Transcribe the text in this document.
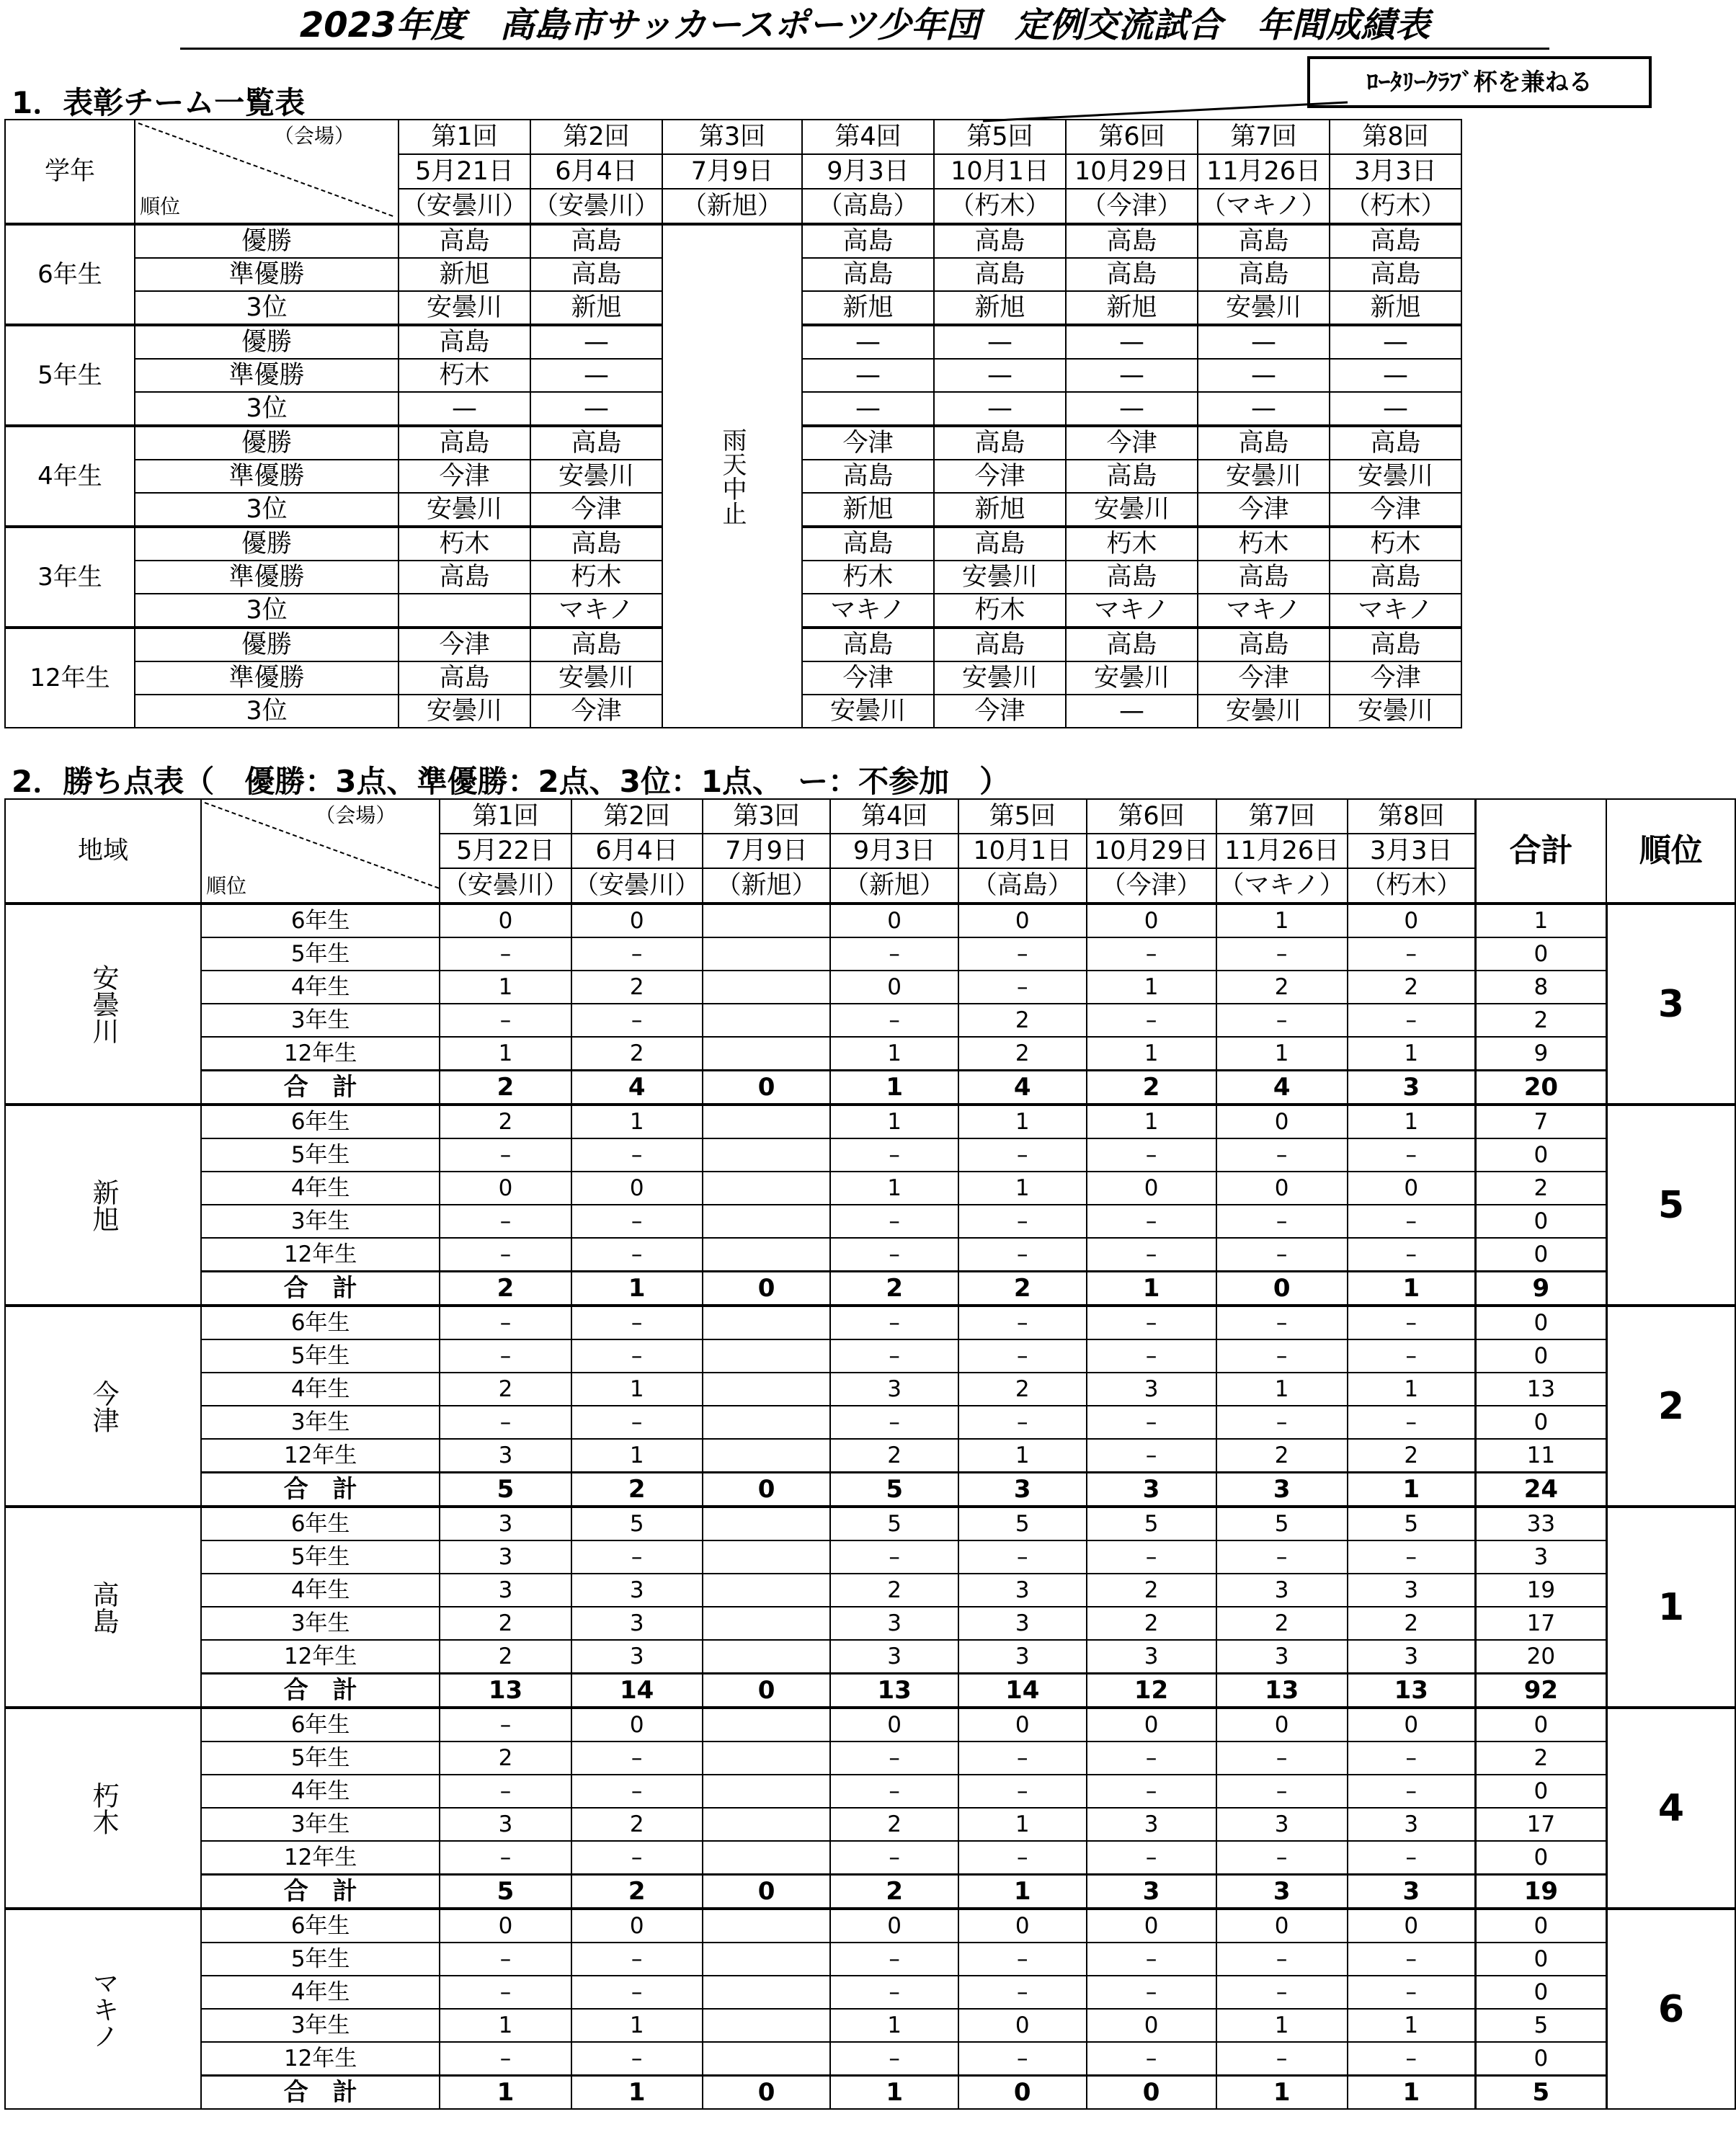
2023年度　高島市サッカースポーツ少年団　定例交流試合　年間成績表
1．表彰チーム一覧表
ﾛｰﾀﾘｰｸﾗﾌﾞ杯を兼ねる
学年	（会場）
順位	第1回	第2回	第3回	第4回	第5回	第6回	第7回	第8回
		5月21日	6月4日	7月9日	9月3日	10月1日	10月29日	11月26日	3月3日
		（安曇川）	（安曇川）	（新旭）	（高島）	（朽木）	（今津）	（マキノ）	（朽木）
6年生	優勝	高島	高島	雨天中止	高島	高島	高島	高島	高島
	準優勝	新旭	高島		高島	高島	高島	高島	高島
	3位	安曇川	新旭		新旭	新旭	新旭	安曇川	新旭
5年生	優勝	高島	—		—	—	—	—	—
	準優勝	朽木	—		—	—	—	—	—
	3位	—	—		—	—	—	—	—
4年生	優勝	高島	高島		今津	高島	今津	高島	高島
	準優勝	今津	安曇川		高島	今津	高島	安曇川	安曇川
	3位	安曇川	今津		新旭	新旭	安曇川	今津	今津
3年生	優勝	朽木	高島		高島	高島	朽木	朽木	朽木
	準優勝	高島	朽木		朽木	安曇川	高島	高島	高島
	3位		マキノ		マキノ	朽木	マキノ	マキノ	マキノ
12年生	優勝	今津	高島		高島	高島	高島	高島	高島
	準優勝	高島	安曇川		今津	安曇川	安曇川	今津	今津
	3位	安曇川	今津		安曇川	今津	—	安曇川	安曇川
2．勝ち点表（　優勝：3点、準優勝：2点、3位：1点、　ー：不参加　）
地域	（会場）
順位	第1回	第2回	第3回	第4回	第5回	第6回	第7回	第8回	合計	順位
		5月22日	6月4日	7月9日	9月3日	10月1日	10月29日	11月26日	3月3日		
		（安曇川）	（安曇川）	（新旭）	（新旭）	（高島）	（今津）	（マキノ）	（朽木）		
安曇川	6年生	0	0		0	0	0	1	0	1	3
	5年生	–	–		–	–	–	–	–	0	
	4年生	1	2		0	–	1	2	2	8	
	3年生	–	–		–	2	–	–	–	2	
	12年生	1	2		1	2	1	1	1	9	
	合　計	2	4	0	1	4	2	4	3	20	
新旭	6年生	2	1		1	1	1	0	1	7	5
	5年生	–	–		–	–	–	–	–	0	
	4年生	0	0		1	1	0	0	0	2	
	3年生	–	–		–	–	–	–	–	0	
	12年生	–	–		–	–	–	–	–	0	
	合　計	2	1	0	2	2	1	0	1	9	
今津	6年生	–	–		–	–	–	–	–	0	2
	5年生	–	–		–	–	–	–	–	0	
	4年生	2	1		3	2	3	1	1	13	
	3年生	–	–		–	–	–	–	–	0	
	12年生	3	1		2	1	–	2	2	11	
	合　計	5	2	0	5	3	3	3	1	24	
高島	6年生	3	5		5	5	5	5	5	33	1
	5年生	3	–		–	–	–	–	–	3	
	4年生	3	3		2	3	2	3	3	19	
	3年生	2	3		3	3	2	2	2	17	
	12年生	2	3		3	3	3	3	3	20	
	合　計	13	14	0	13	14	12	13	13	92	
朽木	6年生	–	0		0	0	0	0	0	0	4
	5年生	2	–		–	–	–	–	–	2	
	4年生	–	–		–	–	–	–	–	0	
	3年生	3	2		2	1	3	3	3	17	
	12年生	–	–		–	–	–	–	–	0	
	合　計	5	2	0	2	1	3	3	3	19	
マキノ	6年生	0	0		0	0	0	0	0	0	6
	5年生	–	–		–	–	–	–	–	0	
	4年生	–	–		–	–	–	–	–	0	
	3年生	1	1		1	0	0	1	1	5	
	12年生	–	–		–	–	–	–	–	0	
	合　計	1	1	0	1	0	0	1	1	5	
